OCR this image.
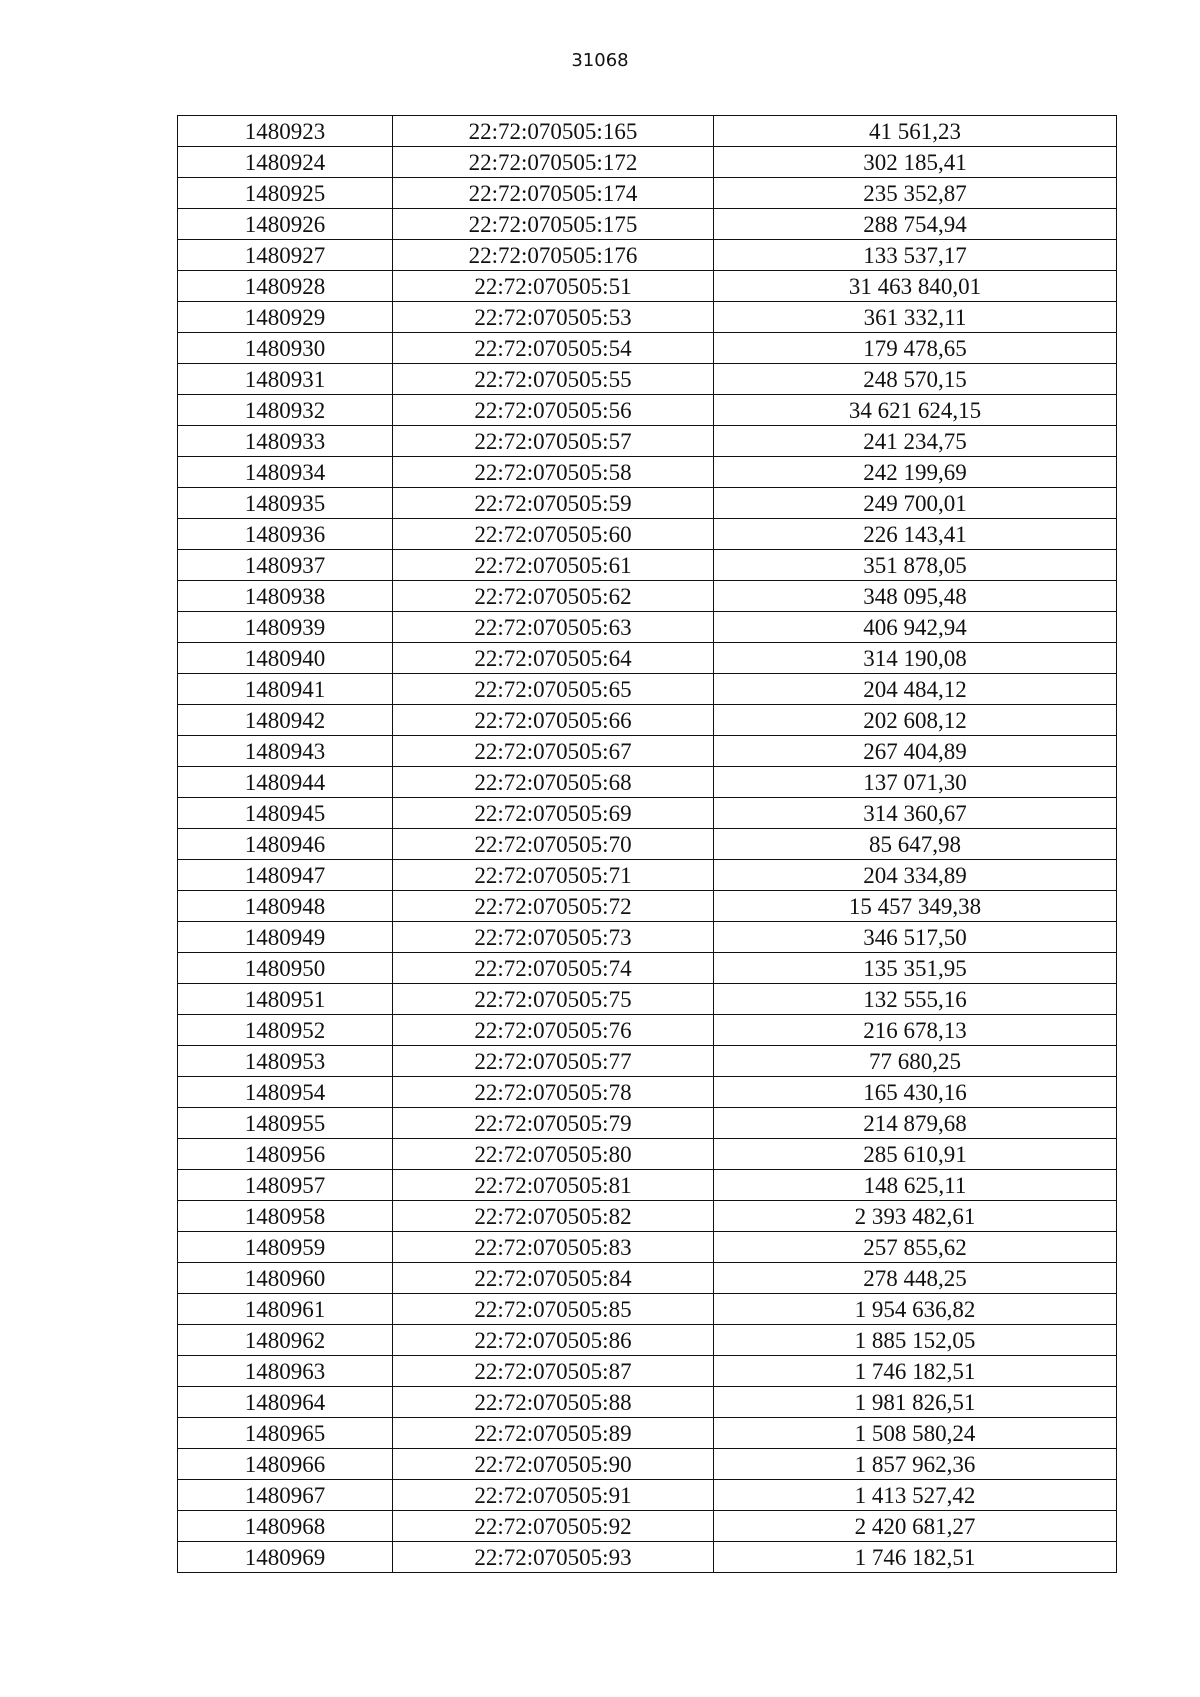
31068
1480923	22:72:070505:165	41 561,23
1480924	22:72:070505:172	302 185,41
1480925	22:72:070505:174	235 352,87
1480926	22:72:070505:175	288 754,94
1480927	22:72:070505:176	133 537,17
1480928	22:72:070505:51	31 463 840,01
1480929	22:72:070505:53	361 332,11
1480930	22:72:070505:54	179 478,65
1480931	22:72:070505:55	248 570,15
1480932	22:72:070505:56	34 621 624,15
1480933	22:72:070505:57	241 234,75
1480934	22:72:070505:58	242 199,69
1480935	22:72:070505:59	249 700,01
1480936	22:72:070505:60	226 143,41
1480937	22:72:070505:61	351 878,05
1480938	22:72:070505:62	348 095,48
1480939	22:72:070505:63	406 942,94
1480940	22:72:070505:64	314 190,08
1480941	22:72:070505:65	204 484,12
1480942	22:72:070505:66	202 608,12
1480943	22:72:070505:67	267 404,89
1480944	22:72:070505:68	137 071,30
1480945	22:72:070505:69	314 360,67
1480946	22:72:070505:70	85 647,98
1480947	22:72:070505:71	204 334,89
1480948	22:72:070505:72	15 457 349,38
1480949	22:72:070505:73	346 517,50
1480950	22:72:070505:74	135 351,95
1480951	22:72:070505:75	132 555,16
1480952	22:72:070505:76	216 678,13
1480953	22:72:070505:77	77 680,25
1480954	22:72:070505:78	165 430,16
1480955	22:72:070505:79	214 879,68
1480956	22:72:070505:80	285 610,91
1480957	22:72:070505:81	148 625,11
1480958	22:72:070505:82	2 393 482,61
1480959	22:72:070505:83	257 855,62
1480960	22:72:070505:84	278 448,25
1480961	22:72:070505:85	1 954 636,82
1480962	22:72:070505:86	1 885 152,05
1480963	22:72:070505:87	1 746 182,51
1480964	22:72:070505:88	1 981 826,51
1480965	22:72:070505:89	1 508 580,24
1480966	22:72:070505:90	1 857 962,36
1480967	22:72:070505:91	1 413 527,42
1480968	22:72:070505:92	2 420 681,27
1480969	22:72:070505:93	1 746 182,51
